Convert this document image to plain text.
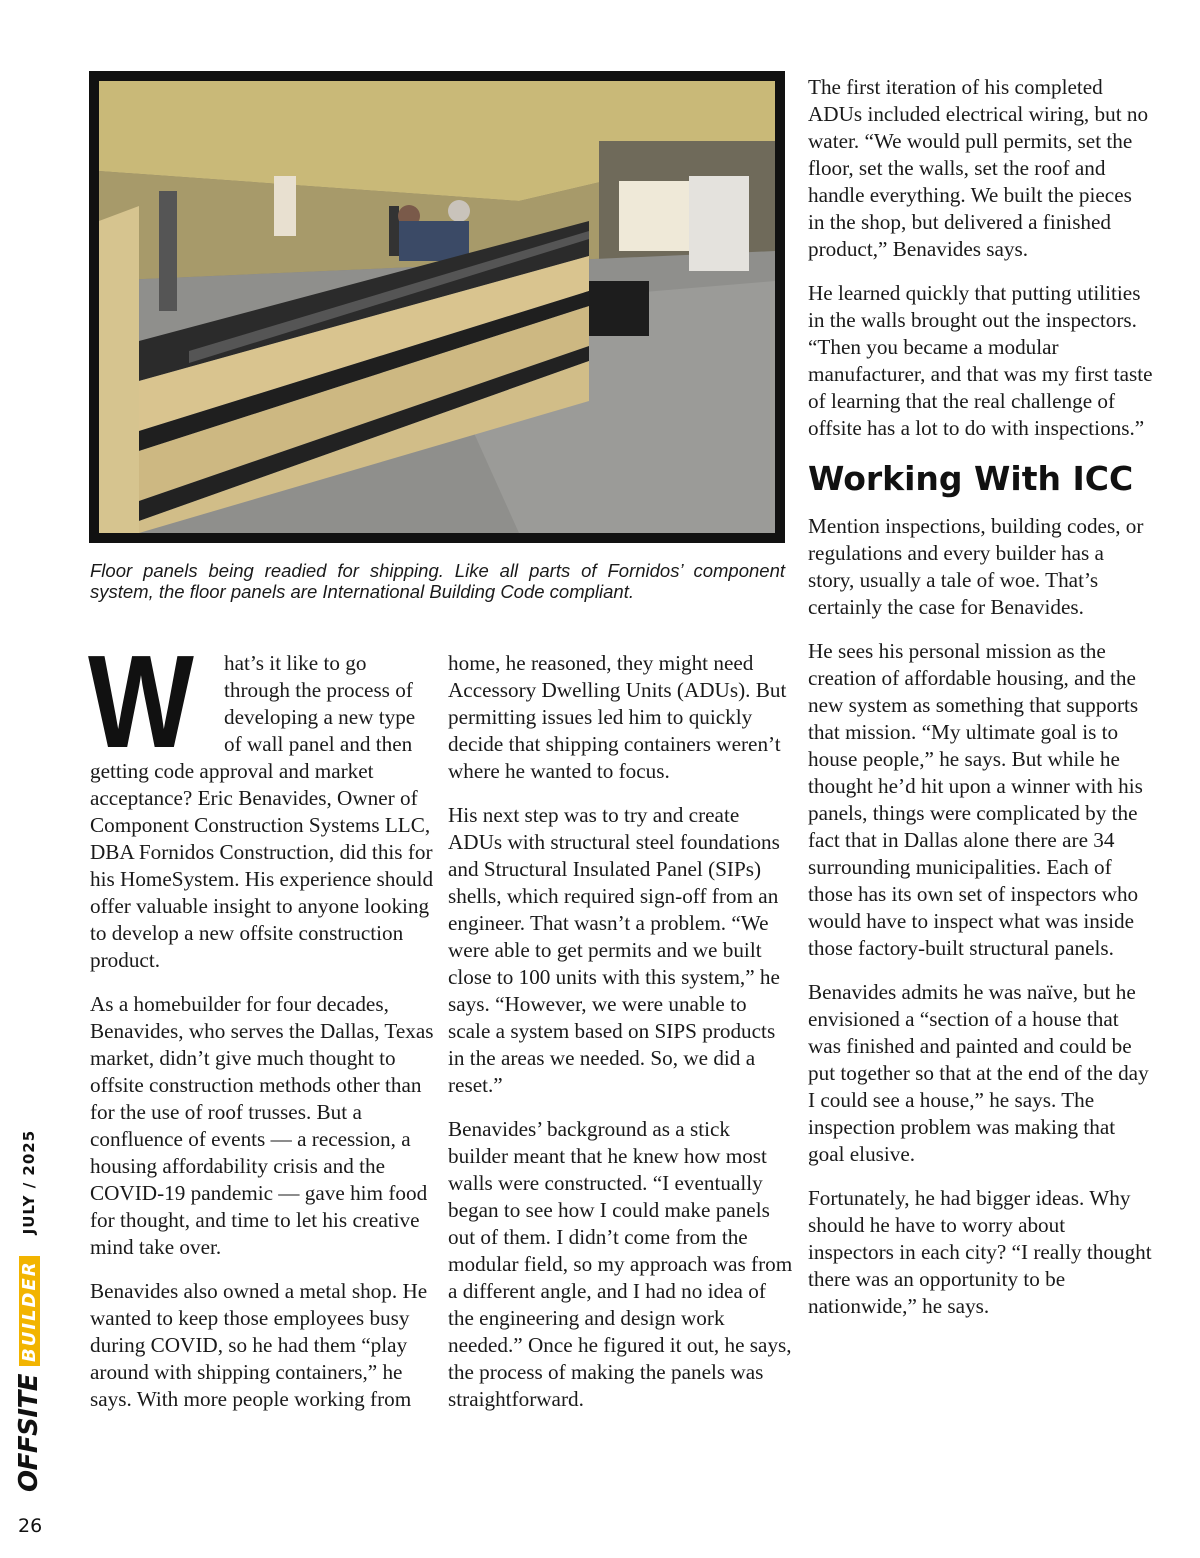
Floor panels being readied for shipping. Like all parts of Fornidos’ component system, the floor panels are International Building Code compliant.

W hat’s it like to go through the process of developing a new type of wall panel and then getting code approval and market acceptance? Eric Benavides, Owner of Component Construction Systems LLC, DBA Fornidos Construction, did this for his HomeSystem. His experience should offer valuable insight to anyone looking to develop a new offsite construction product.

As a homebuilder for four decades, Benavides, who serves the Dallas, Texas market, didn’t give much thought to offsite construction methods other than for the use of roof trusses. But a confluence of events — a recession, a housing affordability crisis and the COVID-19 pandemic — gave him food for thought, and time to let his creative mind take over.

Benavides also owned a metal shop. He wanted to keep those employees busy during COVID, so he had them “play around with shipping containers,” he says. With more people working from

home, he reasoned, they might need Accessory Dwelling Units (ADUs). But permitting issues led him to quickly decide that shipping containers weren’t where he wanted to focus.

His next step was to try and create ADUs with structural steel foundations and Structural Insulated Panel (SIPs) shells, which required sign-off from an engineer. That wasn’t a problem. “We were able to get permits and we built close to 100 units with this system,” he says. “However, we were unable to scale a system based on SIPS products in the areas we needed. So, we did a reset.”

Benavides’ background as a stick builder meant that he knew how most walls were constructed. “I eventually began to see how I could make panels out of them. I didn’t come from the modular field, so my approach was from a different angle, and I had no idea of the engineering and design work needed.” Once he figured it out, he says, the process of making the panels was straightforward.

The first iteration of his completed ADUs included electrical wiring, but no water. “We would pull permits, set the floor, set the walls, set the roof and handle everything. We built the pieces in the shop, but delivered a finished product,” Benavides says.

He learned quickly that putting utilities in the walls brought out the inspectors. “Then you became a modular manufacturer, and that was my first taste of learning that the real challenge of offsite has a lot to do with inspections.”

Working With ICC

Mention inspections, building codes, or regulations and every builder has a story, usually a tale of woe. That’s certainly the case for Benavides.

He sees his personal mission as the creation of affordable housing, and the new system as something that supports that mission. “My ultimate goal is to house people,” he says. But while he thought he’d hit upon a winner with his panels, things were complicated by the fact that in Dallas alone there are 34 surrounding municipalities. Each of those has its own set of inspectors who would have to inspect what was inside those factory-built structural panels.

Benavides admits he was naïve, but he envisioned a “section of a house that was finished and painted and could be put together so that at the end of the day I could see a house,” he says. The inspection problem was making that goal elusive.

Fortunately, he had bigger ideas. Why should he have to worry about inspectors in each city? “I really thought there was an opportunity to be nationwide,” he says.

OFFSITE
BUILDER
JULY / 2025
26
